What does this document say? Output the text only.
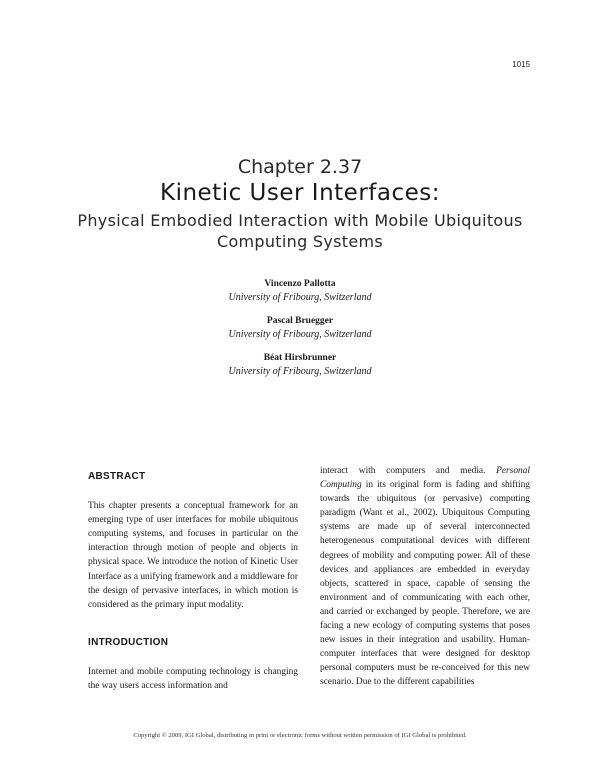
1015
Chapter 2.37
Kinetic User Interfaces:
Physical Embodied Interaction with Mobile Ubiquitous Computing Systems
Vincenzo Pallotta
University of Fribourg, Switzerland
Pascal Bruegger
University of Fribourg, Switzerland
Béat Hirsbrunner
University of Fribourg, Switzerland
ABSTRACT

This chapter presents a conceptual framework for an emerging type of user interfaces for mobile ubiquitous computing systems, and focuses in particular on the interaction through motion of people and objects in physical space. We introduce the notion of Kinetic User Interface as a unifying framework and a middleware for the design of pervasive interfaces, in which motion is considered as the primary input modality.

INTRODUCTION

Internet and mobile computing technology is changing the way users access information and

interact with computers and media. Personal Computing in its original form is fading and shifting towards the ubiquitous (or pervasive) computing paradigm (Want et al., 2002). Ubiquitous Computing systems are made up of several interconnected heterogeneous computational devices with different degrees of mobility and computing power. All of these devices and appliances are embedded in everyday objects, scattered in space, capable of sensing the environment and of communicating with each other, and carried or exchanged by people. Therefore, we are facing a new ecology of computing systems that poses new issues in their integration and usability. Human-computer interfaces that were designed for desktop personal computers must be re-conceived for this new scenario. Due to the different capabilities

Copyright © 2009, IGI Global, distributing in print or electronic forms without written permission of IGI Global is prohibited.
